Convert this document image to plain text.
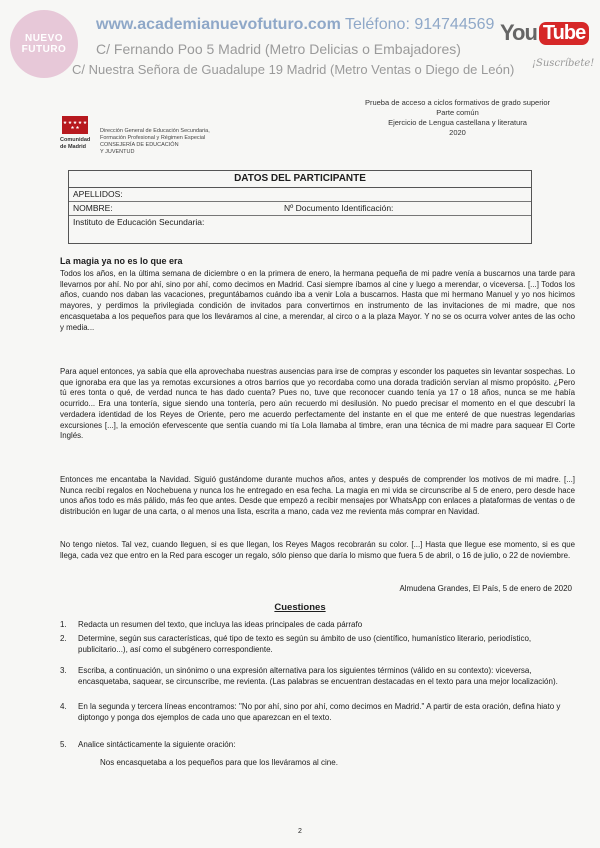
NUEVO
FUTURO
www.academianuevofuturo.com Teléfono: 914744569
C/ Fernando Poo 5 Madrid (Metro Delicias o Embajadores)
C/ Nuestra Señora de Guadalupe 19 Madrid (Metro Ventas o Diego de León)
You Tube
¡Suscríbete!
Prueba de acceso a ciclos formativos de grado superior
Parte común
Ejercicio de Lengua castellana y literatura
2020
Comunidad
de Madrid
Dirección General de Educación Secundaria,
Formación Profesional y Régimen Especial
CONSEJERÍA DE EDUCACIÓN
Y JUVENTUD
DATOS DEL PARTICIPANTE
APELLIDOS:
NOMBRE:	Nº Documento Identificación:
Instituto de Educación Secundaria:
La magia ya no es lo que era
Todos los años, en la última semana de diciembre o en la primera de enero, la hermana pequeña de mi padre venía a buscarnos una tarde para llevarnos por ahí. No por ahí, sino por ahí, como decimos en Madrid. Casi siempre íbamos al cine y luego a merendar, o viceversa. [...] Todos los años, cuando nos daban las vacaciones, preguntábamos cuándo iba a venir Lola a buscarnos. Hasta que mi hermano Manuel y yo nos hicimos mayores, y perdimos la privilegiada condición de invitados para convertirnos en instrumento de las invitaciones de mi madre, que nos encasquetaba a los pequeños para que los lleváramos al cine, a merendar, al circo o a la plaza Mayor. Y no se os ocurra volver antes de las ocho y media...
Para aquel entonces, ya sabía que ella aprovechaba nuestras ausencias para irse de compras y esconder los paquetes sin levantar sospechas. Lo que ignoraba era que las ya remotas excursiones a otros barrios que yo recordaba como una dorada tradición servían al mismo propósito. ¿Pero tú eres tonta o qué, de verdad nunca te has dado cuenta? Pues no, tuve que reconocer cuando tenía ya 17 o 18 años, nunca se me había ocurrido... Era una tontería, sigue siendo una tontería, pero aún recuerdo mi desilusión. No puedo precisar el momento en el que descubrí la verdadera identidad de los Reyes de Oriente, pero me acuerdo perfectamente del instante en el que me enteré de que nuestras legendarias excursiones [...], la emoción efervescente que sentía cuando mi tía Lola llamaba al timbre, eran una técnica de mi madre para saquear El Corte Inglés.
Entonces me encantaba la Navidad. Siguió gustándome durante muchos años, antes y después de comprender los motivos de mi madre. [...] Nunca recibí regalos en Nochebuena y nunca los he entregado en esa fecha. La magia en mi vida se circunscribe al 5 de enero, pero desde hace unos años todo es más pálido, más feo que antes. Desde que empezó a recibir mensajes por WhatsApp con enlaces a plataformas de ventas o de distribución en lugar de una carta, o al menos una lista, escrita a mano, cada vez me revienta más comprar en Navidad.
No tengo nietos. Tal vez, cuando lleguen, si es que llegan, los Reyes Magos recobrarán su color. [...] Hasta que llegue ese momento, si es que llega, cada vez que entro en la Red para escoger un regalo, sólo pienso que daría lo mismo que fuera 5 de abril, o 16 de julio, o 22 de noviembre.
Almudena Grandes, El País, 5 de enero de 2020
Cuestiones
1. Redacta un resumen del texto, que incluya las ideas principales de cada párrafo
2. Determine, según sus características, qué tipo de texto es según su ámbito de uso (científico, humanístico literario, periodístico, publicitario...), así como el subgénero correspondiente.
3. Escriba, a continuación, un sinónimo o una expresión alternativa para los siguientes términos (válido en su contexto): viceversa, encasquetaba, saquear, se circunscribe, me revienta. (Las palabras se encuentran destacadas en el texto para una mejor localización).
4. En la segunda y tercera líneas encontramos: "No por ahí, sino por ahí, como decimos en Madrid." A partir de esta oración, defina hiato y diptongo y ponga dos ejemplos de cada uno que aparezcan en el texto.
5. Analice sintácticamente la siguiente oración:
Nos encasquetaba a los pequeños para que los lleváramos al cine.
2
